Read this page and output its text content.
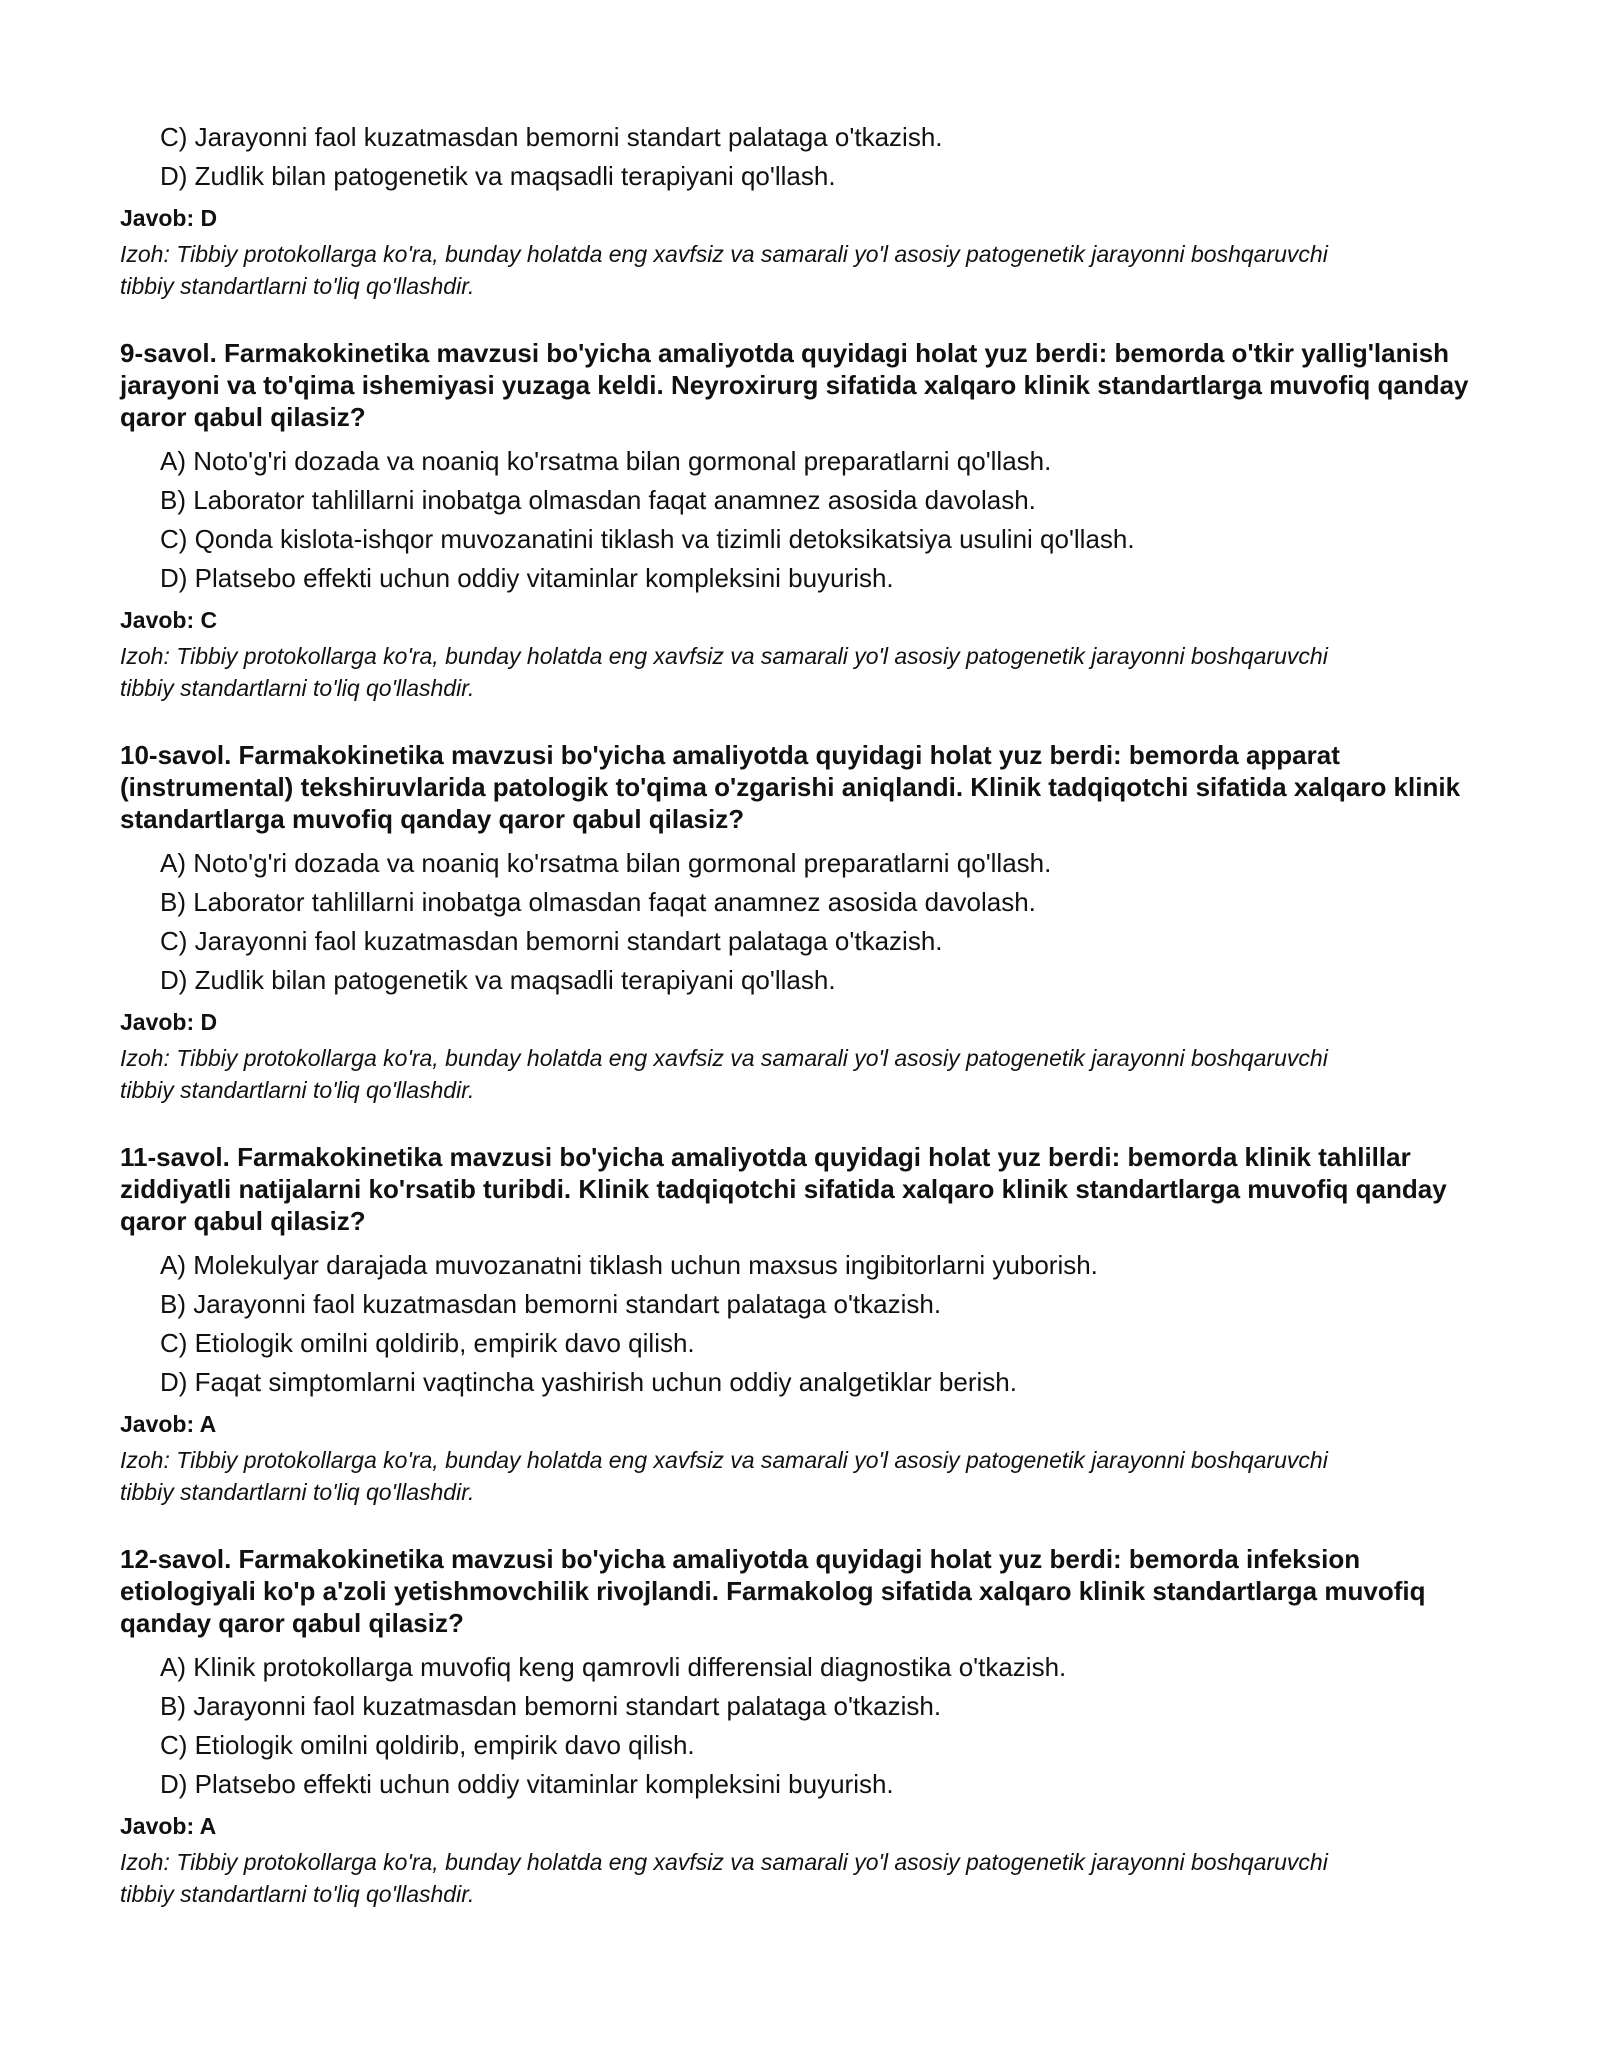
C) Jarayonni faol kuzatmasdan bemorni standart palataga o'tkazish.

D) Zudlik bilan patogenetik va maqsadli terapiyani qo'llash.

Javob: D
Izoh: Tibbiy protokollarga ko'ra, bunday holatda eng xavfsiz va samarali yo'l asosiy patogenetik jarayonni boshqaruvchi tibbiy standartlarni to'liq qo'llashdir.

9-savol. Farmakokinetika mavzusi bo'yicha amaliyotda quyidagi holat yuz berdi: bemorda o'tkir yallig'lanish jarayoni va to'qima ishemiyasi yuzaga keldi. Neyroxirurg sifatida xalqaro klinik standartlarga muvofiq qanday qaror qabul qilasiz?

A) Noto'g'ri dozada va noaniq ko'rsatma bilan gormonal preparatlarni qo'llash.

B) Laborator tahlillarni inobatga olmasdan faqat anamnez asosida davolash.

C) Qonda kislota-ishqor muvozanatini tiklash va tizimli detoksikatsiya usulini qo'llash.

D) Platsebo effekti uchun oddiy vitaminlar kompleksini buyurish.

Javob: C
Izoh: Tibbiy protokollarga ko'ra, bunday holatda eng xavfsiz va samarali yo'l asosiy patogenetik jarayonni boshqaruvchi tibbiy standartlarni to'liq qo'llashdir.

10-savol. Farmakokinetika mavzusi bo'yicha amaliyotda quyidagi holat yuz berdi: bemorda apparat (instrumental) tekshiruvlarida patologik to'qima o'zgarishi aniqlandi. Klinik tadqiqotchi sifatida xalqaro klinik standartlarga muvofiq qanday qaror qabul qilasiz?

A) Noto'g'ri dozada va noaniq ko'rsatma bilan gormonal preparatlarni qo'llash.

B) Laborator tahlillarni inobatga olmasdan faqat anamnez asosida davolash.

C) Jarayonni faol kuzatmasdan bemorni standart palataga o'tkazish.

D) Zudlik bilan patogenetik va maqsadli terapiyani qo'llash.

Javob: D
Izoh: Tibbiy protokollarga ko'ra, bunday holatda eng xavfsiz va samarali yo'l asosiy patogenetik jarayonni boshqaruvchi tibbiy standartlarni to'liq qo'llashdir.

11-savol. Farmakokinetika mavzusi bo'yicha amaliyotda quyidagi holat yuz berdi: bemorda klinik tahlillar ziddiyatli natijalarni ko'rsatib turibdi. Klinik tadqiqotchi sifatida xalqaro klinik standartlarga muvofiq qanday qaror qabul qilasiz?

A) Molekulyar darajada muvozanatni tiklash uchun maxsus ingibitorlarni yuborish.

B) Jarayonni faol kuzatmasdan bemorni standart palataga o'tkazish.

C) Etiologik omilni qoldirib, empirik davo qilish.

D) Faqat simptomlarni vaqtincha yashirish uchun oddiy analgetiklar berish.

Javob: A
Izoh: Tibbiy protokollarga ko'ra, bunday holatda eng xavfsiz va samarali yo'l asosiy patogenetik jarayonni boshqaruvchi tibbiy standartlarni to'liq qo'llashdir.

12-savol. Farmakokinetika mavzusi bo'yicha amaliyotda quyidagi holat yuz berdi: bemorda infeksion etiologiyali ko'p a'zoli yetishmovchilik rivojlandi. Farmakolog sifatida xalqaro klinik standartlarga muvofiq qanday qaror qabul qilasiz?

A) Klinik protokollarga muvofiq keng qamrovli differensial diagnostika o'tkazish.

B) Jarayonni faol kuzatmasdan bemorni standart palataga o'tkazish.

C) Etiologik omilni qoldirib, empirik davo qilish.

D) Platsebo effekti uchun oddiy vitaminlar kompleksini buyurish.

Javob: A
Izoh: Tibbiy protokollarga ko'ra, bunday holatda eng xavfsiz va samarali yo'l asosiy patogenetik jarayonni boshqaruvchi tibbiy standartlarni to'liq qo'llashdir.
